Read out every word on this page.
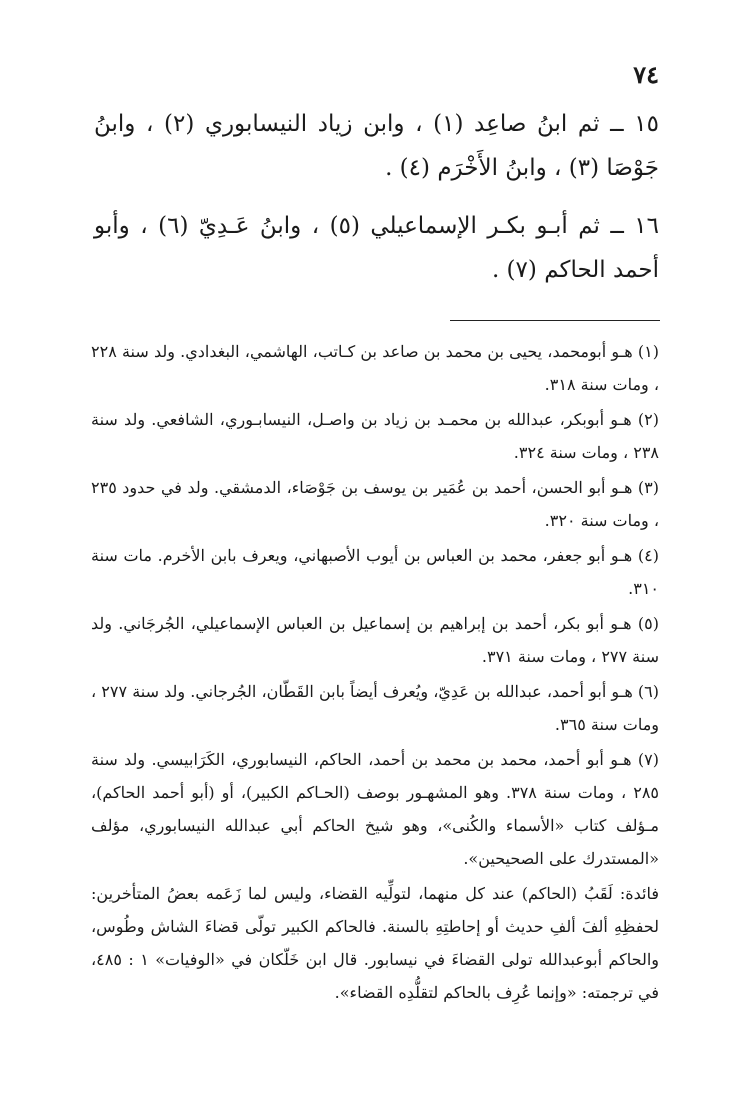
٧٤

١٥ ــ ثم ابنُ صاعِد (١) ، وابن زياد النيسابوري (٢) ، وابنُ جَوْصَا (٣) ، وابنُ الأَخْرَم (٤) .

١٦ ــ ثم أبـو بكـر الإسماعيلي (٥) ، وابنُ عَـدِيّ (٦) ، وأبو أحمد الحاكم (٧) .

(١) هـو أبومحمد، يحيى بن محمد بن صاعد بن كـاتب، الهاشمي، البغدادي. ولد سنة ٢٢٨ ، ومات سنة ٣١٨.

(٢) هـو أبوبكر، عبدالله بن محمـد بن زياد بن واصـل، النيسابـوري، الشافعي. ولد سنة ٢٣٨ ، ومات سنة ٣٢٤.

(٣) هـو أبو الحسن، أحمد بن عُمَير بن يوسف بن جَوْصَاء، الدمشقي. ولد في حدود ٢٣٥ ، ومات سنة ٣٢٠.

(٤) هـو أبو جعفر، محمد بن العباس بن أيوب الأصبهاني، ويعرف بابن الأخرم. مات سنة ٣١٠.

(٥) هـو أبو بكر، أحمد بن إبراهيم بن إسماعيل بن العباس الإسماعيلي، الجُرجَاني. ولد سنة ٢٧٧ ، ومات سنة ٣٧١.

(٦) هـو أبو أحمد، عبدالله بن عَدِيّ، ويُعرف أيضاً بابن القَطّان، الجُرجاني. ولد سنة ٢٧٧ ، ومات سنة ٣٦٥.

(٧) هـو أبو أحمد، محمد بن محمد بن أحمد، الحاكم، النيسابوري، الكَرَابيسي. ولد سنة ٢٨٥ ، ومات سنة ٣٧٨. وهو المشهـور بوصف (الحـاكم الكبير)، أو (أبو أحمد الحاكم)، مـؤلف كتاب «الأسماء والكُنى»، وهو شيخ الحاكم أبي عبدالله النيسابوري، مؤلف «المستدرك على الصحيحين».

فائدة: لَقَبُ (الحاكم) عند كل منهما، لتولِّيه القضاء، وليس لما زَعَمه بعضُ المتأخرين: لحفظِهِ ألفَ ألفِ حديث أو إحاطتِهِ بالسنة. فالحاكم الكبير تولّى قضاءَ الشاش وطُوس، والحاكم أبوعبدالله تولى القضاءَ في نيسابور. قال ابن خَلّكان في «الوفيات» ١ : ٤٨٥، في ترجمته: «وإنما عُرِف بالحاكم لتقلُّدِه القضاء».
